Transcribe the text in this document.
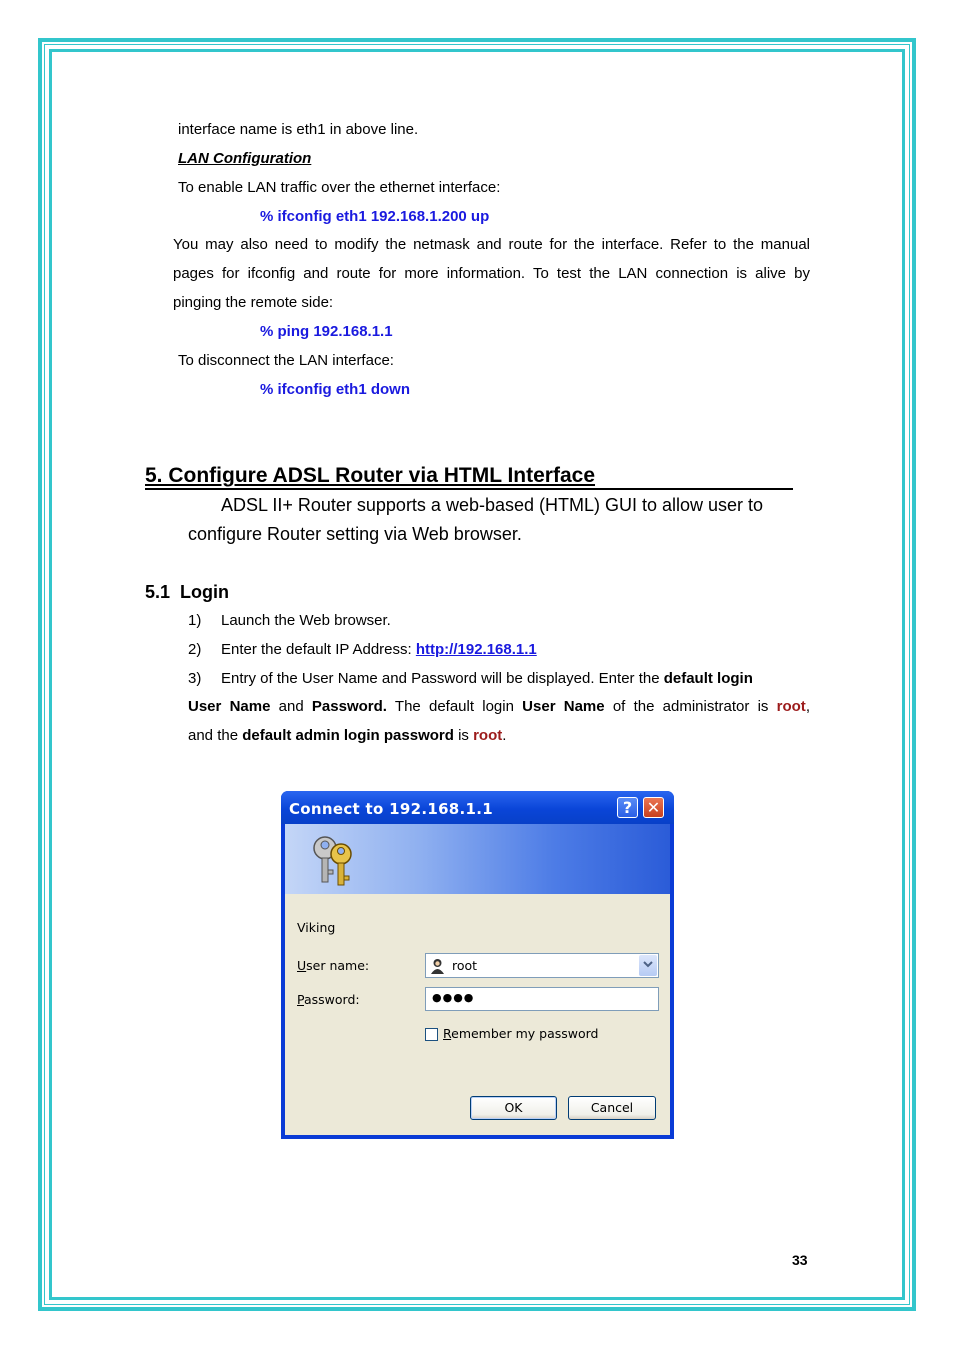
interface name is eth1 in above line.
LAN Configuration
To enable LAN traffic over the ethernet interface:
% ifconfig eth1 192.168.1.200 up
You may also need to modify the netmask and route for the interface. Refer to the manual
pages for ifconfig and route for more information. To test the LAN connection is alive by
pinging the remote side:
% ping 192.168.1.1
To disconnect the LAN interface:
% ifconfig eth1 down
5. Configure ADSL Router via HTML Interface
ADSL II+ Router supports a web-based (HTML) GUI to allow user to
configure Router setting via Web browser.
5.1  Login
1) Launch the Web browser.
2) Enter the default IP Address: http://192.168.1.1
3) Entry of the User Name and Password will be displayed. Enter the default login
User Name and Password. The default login User Name of the administrator is root,
and the default admin login password is root.
Connect to 192.168.1.1	? ✕
Viking
User name:	root
Password:	●●●●
Remember my password
OK	Cancel
33
